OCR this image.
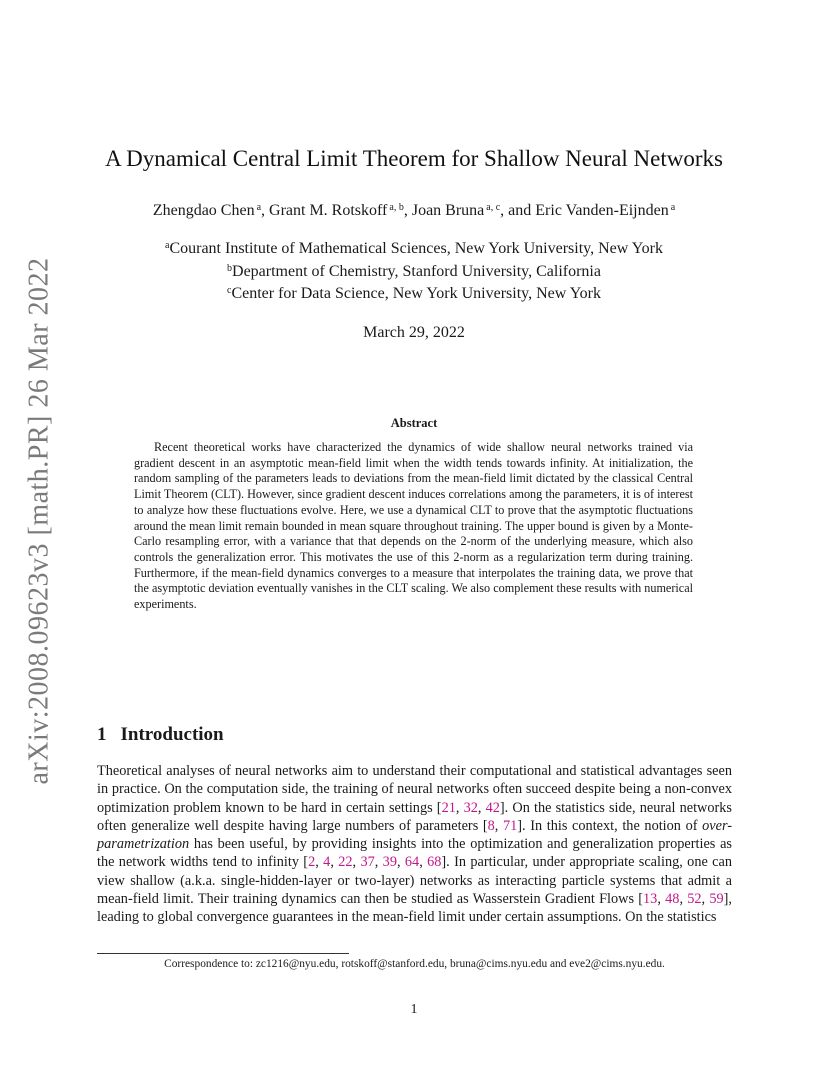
arXiv:2008.09623v3 [math.PR] 26 Mar 2022
A Dynamical Central Limit Theorem for Shallow Neural Networks
Zhengdao Chen $^a$, Grant M. Rotskoff $^{a, b}$, Joan Bruna $^{a, c}$, and Eric Vanden-Eijnden $^a$
$^a$Courant Institute of Mathematical Sciences, New York University, New York
$^b$Department of Chemistry, Stanford University, California
$^c$Center for Data Science, New York University, New York
March 29, 2022
Abstract

Recent theoretical works have characterized the dynamics of wide shallow neural networks trained via gradient descent in an asymptotic mean-field limit when the width tends towards infinity. At initialization, the random sampling of the parameters leads to deviations from the mean-field limit dictated by the classical Central Limit Theorem (CLT). However, since gradient descent induces correlations among the parameters, it is of interest to analyze how these fluctuations evolve. Here, we use a dynamical CLT to prove that the asymptotic fluctuations around the mean limit remain bounded in mean square throughout training. The upper bound is given by a Monte-Carlo resampling error, with a variance that that depends on the 2-norm of the underlying measure, which also controls the generalization error. This motivates the use of this 2-norm as a regularization term during training. Furthermore, if the mean-field dynamics converges to a measure that interpolates the training data, we prove that the asymptotic deviation eventually vanishes in the CLT scaling. We also complement these results with numerical experiments.

1 Introduction

Theoretical analyses of neural networks aim to understand their computational and statistical advantages seen in practice. On the computation side, the training of neural networks often succeed despite being a non-convex optimization problem known to be hard in certain settings [21, 32, 42]. On the statistics side, neural networks often generalize well despite having large numbers of parameters [8, 71]. In this context, the notion of over-parametrization has been useful, by providing insights into the optimization and generalization properties as the network widths tend to infinity [2, 4, 22, 37, 39, 64, 68]. In particular, under appropriate scaling, one can view shallow (a.k.a. single-hidden-layer or two-layer) networks as interacting particle systems that admit a mean-field limit. Their training dynamics can then be studied as Wasserstein Gradient Flows [13, 48, 52, 59], leading to global convergence guarantees in the mean-field limit under certain assumptions. On the statistics

Correspondence to: zc1216@nyu.edu, rotskoff@stanford.edu, bruna@cims.nyu.edu and eve2@cims.nyu.edu.
1
